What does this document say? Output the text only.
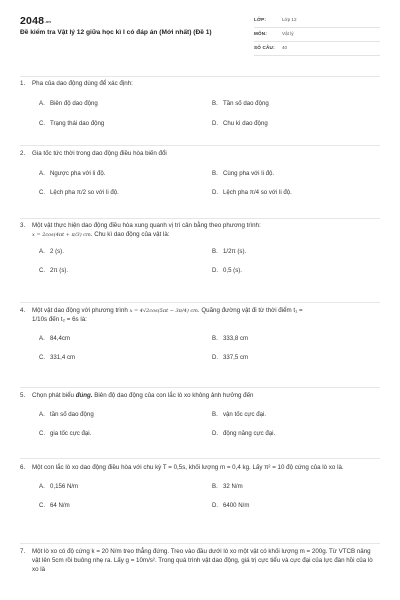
$2048^{.vn}$
Đề kiểm tra Vật lý 12 giữa học kì I có đáp án (Mới nhất) (Đề 1)
LỚP:	Lớp 12
MÔN:	Vật lý
SỐ CÂU:	40
1.	Pha của dao động dùng để xác định:
A. Biên độ dao động	B. Tần số dao động
C. Trạng thái dao động	D. Chu kì dao động
2.	Gia tốc tức thời trong dao động điều hòa biến đổi
A. Ngược pha với li độ.	B. Cùng pha với li độ.
C. Lệch pha π/2 so với li độ.	D. Lệch pha π/4 so với li độ.
3.	Một vật thực hiện dao động điều hòa xung quanh vị trí cân bằng theo phương trình:
x = 2cos(4πt + π/3) cm. Chu kì dao động của vật là:
A. 2 (s).	B. 1/2π (s).
C. 2π (s).	D. 0,5 (s).
4.	Một vật dao động với phương trình x = 4√2cos(5πt − 3π/4) cm. Quãng đường vật đi từ thời điểm t₁ =
1/10s đến t₂ = 6s là:
A. 84,4cm	B. 333,8 cm
C. 331,4 cm	D. 337,5 cm
5.	Chọn phát biểu đúng. Biên độ dao động của con lắc lò xo không ảnh hưởng đến
A. tần số dao động	B. vận tốc cực đại.
C. gia tốc cực đại.	D. động năng cực đại.
6.	Một con lắc lò xo dao động điều hòa với chu kỳ T = 0,5s, khối lượng m = 0,4 kg. Lấy π² = 10 độ cứng của lò xo là.
A. 0,156 N/m	B. 32 N/m
C. 64 N/m	D. 6400 N/m
7.	Một lò xo có độ cứng k = 20 N/m treo thẳng đứng. Treo vào đầu dưới lò xo một vật có khối lượng m = 200g. Từ VTCB nâng vật lên 5cm rồi buông nhẹ ra. Lấy g = 10m/s². Trong quá trình vật dao động, giá trị cực tiểu và cực đại của lực đàn hồi của lò xo là
